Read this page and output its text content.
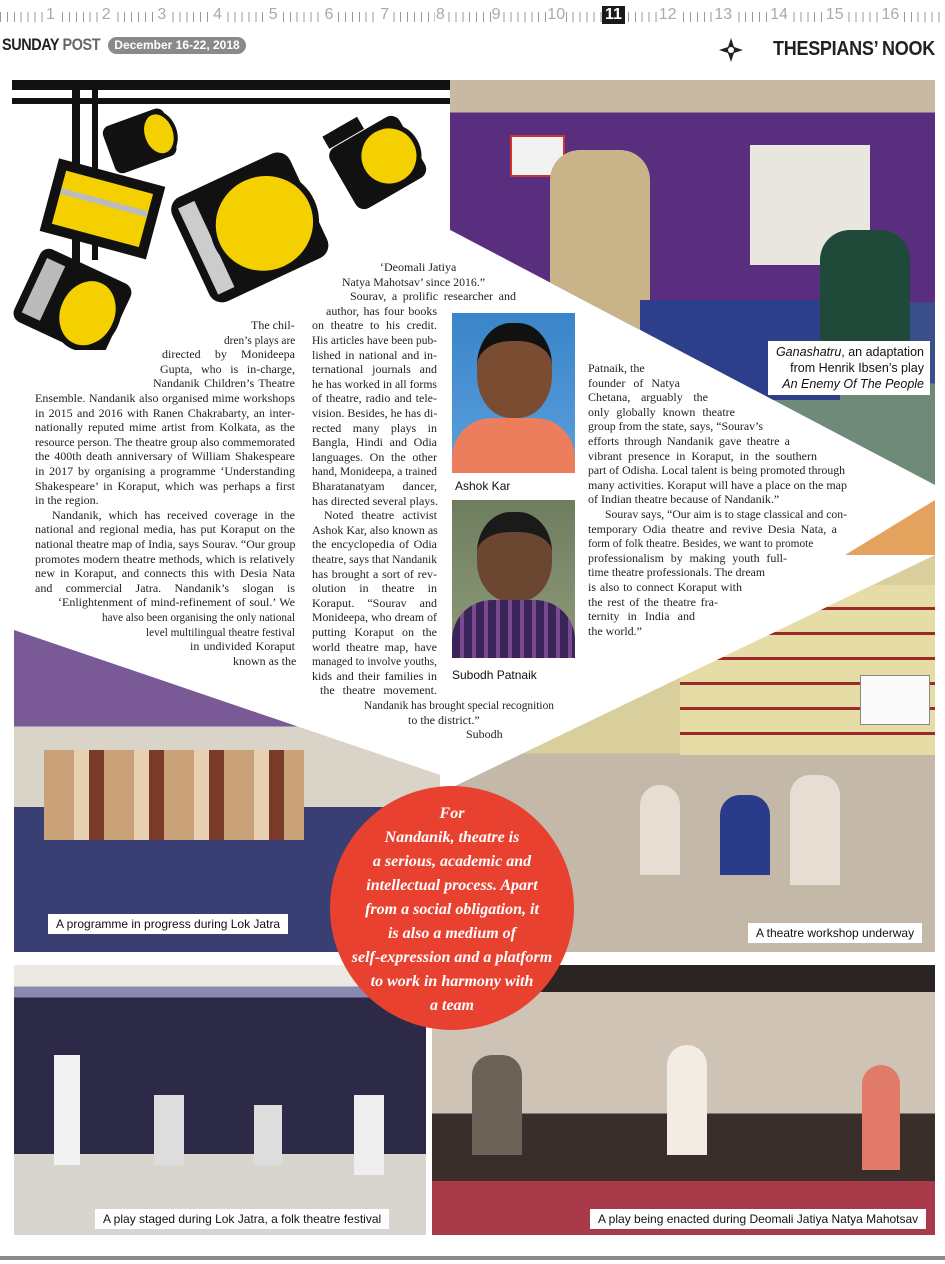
1	2	3	4	5	6	7	8	9	10 11 12 13 14 15 16
SUNDAY POST	December 16-22, 2018	THESPIANS’ NOOK
Ganashatru, an adaptation from Henrik Ibsen’s play An Enemy Of The People
Ashok Kar
Subodh Patnaik
A programme in progress during Lok Jatra
A theatre workshop underway
A play staged during Lok Jatra, a folk theatre festival	A play being enacted during Deomali Jatiya Natya Mahotsav
For
Nandanik, theatre is
a serious, academic and
intellectual process. Apart
from a social obligation, it
is also a medium of
self-expression and a platform
to work in harmony with
a team
The chil-
dren’s plays are
directed by Monideepa
Gupta, who is in-charge,
Nandanik Children’s Theatre
Ensemble. Nandanik also organised mime workshops
in 2015 and 2016 with Ranen Chakrabarty, an inter-
nationally reputed mime artist from Kolkata, as the
resource person. The theatre group also commemorated
the 400th death anniversary of William Shakespeare
in 2017 by organising a programme ‘Understanding
Shakespeare’ in Koraput, which was perhaps a first
in the region.
Nandanik, which has received coverage in the
national and regional media, has put Koraput on the
national theatre map of India, says Sourav. “Our group
promotes modern theatre methods, which is relatively
new in Koraput, and connects this with Desia Nata
and commercial Jatra. Nandanik’s slogan is
‘Enlightenment of mind-refinement of soul.’ We
have also been organising the only national
level multilingual theatre festival
in undivided Koraput
known as the
‘Deomali Jatiya
Natya Mahotsav’ since 2016.”
Sourav, a prolific researcher and
author, has four books
on theatre to his credit.
His articles have been pub-
lished in national and in-
ternational journals and
he has worked in all forms
of theatre, radio and tele-
vision. Besides, he has di-
rected many plays in
Bangla, Hindi and Odia
languages. On the other
hand, Monideepa, a trained
Bharatanatyam dancer,
has directed several plays.
Noted theatre activist
Ashok Kar, also known as
the encyclopedia of Odia
theatre, says that Nandanik
has brought a sort of rev-
olution in theatre in
Koraput. “Sourav and
Monideepa, who dream of
putting Koraput on the
world theatre map, have
managed to involve youths,
kids and their families in
the theatre movement.
Nandanik has brought special recognition
to the district.”
Subodh
Patnaik, the
founder of Natya
Chetana, arguably the
only globally known theatre
group from the state, says, “Sourav’s
efforts through Nandanik gave theatre a
vibrant presence in Koraput, in the southern
part of Odisha. Local talent is being promoted through
many activities. Koraput will have a place on the map
of Indian theatre because of Nandanik.”
Sourav says, “Our aim is to stage classical and con-
temporary Odia theatre and revive Desia Nata, a
form of folk theatre. Besides, we want to promote
professionalism by making youth full-
time theatre professionals. The dream
is also to connect Koraput with
the rest of the theatre fra-
ternity in India and
the world.”
